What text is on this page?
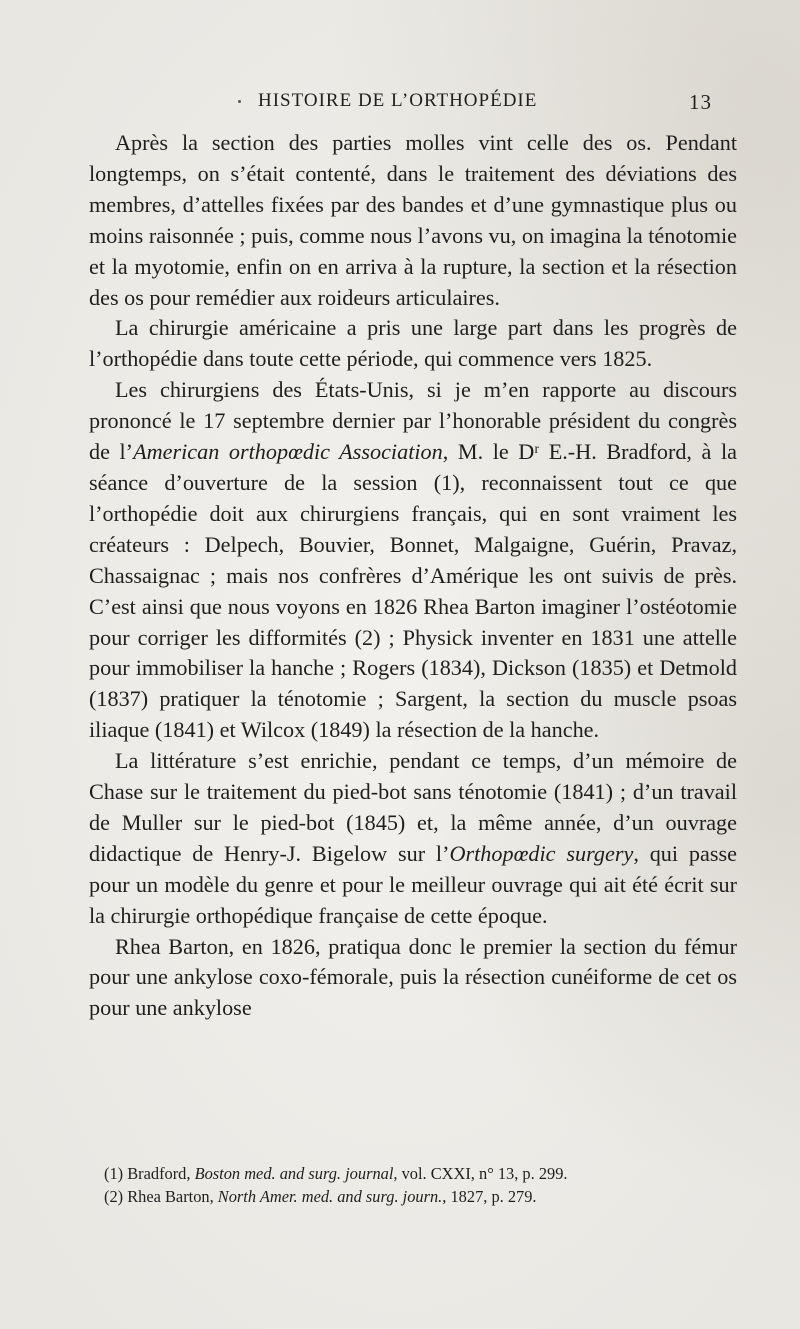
HISTOIRE DE L’ORTHOPÉDIE	13

Après la section des parties molles vint celle des os. Pendant longtemps, on s’était contenté, dans le traitement des déviations des membres, d’attelles fixées par des bandes et d’une gymnastique plus ou moins raisonnée ; puis, comme nous l’avons vu, on imagina la ténotomie et la myotomie, enfin on en arriva à la rupture, la section et la résection des os pour remédier aux roideurs articulaires.

La chirurgie américaine a pris une large part dans les progrès de l’orthopédie dans toute cette période, qui commence vers 1825.

Les chirurgiens des États-Unis, si je m’en rapporte au discours prononcé le 17 septembre dernier par l’honorable président du congrès de l’American orthopœdic Association, M. le Dʳ E.-H. Bradford, à la séance d’ouverture de la session (1), reconnaissent tout ce que l’orthopédie doit aux chirurgiens français, qui en sont vraiment les créateurs : Delpech, Bouvier, Bonnet, Malgaigne, Guérin, Pravaz, Chassaignac ; mais nos confrères d’Amérique les ont suivis de près. C’est ainsi que nous voyons en 1826 Rhea Barton imaginer l’ostéotomie pour corriger les difformités (2) ; Physick inventer en 1831 une attelle pour immobiliser la hanche ; Rogers (1834), Dickson (1835) et Detmold (1837) pratiquer la ténotomie ; Sargent, la section du muscle psoas iliaque (1841) et Wilcox (1849) la résection de la hanche.

La littérature s’est enrichie, pendant ce temps, d’un mémoire de Chase sur le traitement du pied-bot sans ténotomie (1841) ; d’un travail de Muller sur le pied-bot (1845) et, la même année, d’un ouvrage didactique de Henry-J. Bigelow sur l’Orthopœdic surgery, qui passe pour un modèle du genre et pour le meilleur ouvrage qui ait été écrit sur la chirurgie orthopédique française de cette époque.

Rhea Barton, en 1826, pratiqua donc le premier la section du fémur pour une ankylose coxo-fémorale, puis la résection cunéiforme de cet os pour une ankylose

(1) Bradford, Boston med. and surg. journal, vol. CXXI, n° 13, p. 299.
(2) Rhea Barton, North Amer. med. and surg. journ., 1827, p. 279.
